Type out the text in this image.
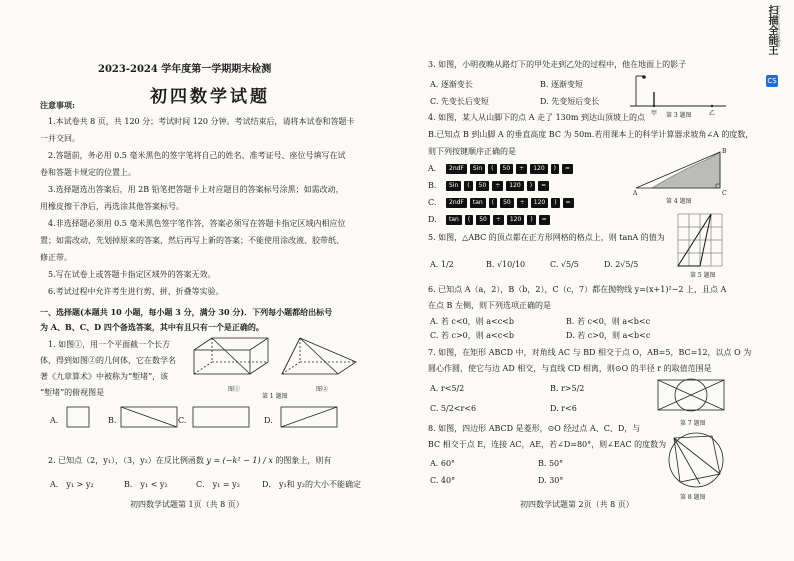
2023-2024 学年度第一学期期末检测
初四数学试题
注意事项:
1.本试卷共 8 页，共 120 分；考试时间 120 分钟。考试结束后，请将本试卷和答题卡
一并交回。
2.答题前，务必用 0.5 毫米黑色的签字笔将自己的姓名、准考证号、座位号填写在试
卷和答题卡规定的位置上。
3.选择题选出答案后，用 2B 铅笔把答题卡上对应题目的答案标号涂黑；如需改动，
用橡皮擦干净后，再选涂其他答案标号。
4.非选择题必须用 0.5 毫米黑色签字笔作答，答案必须写在答题卡指定区域内相应位
置；如需改动，先划掉原来的答案，然后再写上新的答案；不能使用涂改液、胶带纸、
修正带。
5.写在试卷上或答题卡指定区域外的答案无效。
6.考试过程中允许考生进行剪、拼、折叠等实验。
一、选择题(本题共 10 小题，每小题 3 分，满分 30 分)．下列每小题都给出标号
为 A、B、C、D 四个备选答案，其中有且只有一个是正确的。
1. 如图①，用一个平面截一个长方
体，得到如图②的几何体，它在数学名
著《九章算术》中被称为“堑堵”，该
“堑堵”的俯视图是	图①	图②
第 1 题图
A.	B.	C.	D.
2. 已知点（2，y₁），（3，y₂）在反比例函数 y = (−k² − 1) / x 的图象上，则有
A． y₁ > y₂	B． y₁ < y₂	C． y₁ = y₂	D． y₁和 y₂的大小不能确定
初四数学试题第 1页（共 8 页）
3. 如图，小明夜晚从路灯下的甲处走到乙处的过程中，他在地面上的影子
A. 逐渐变长	B. 逐渐变短
C. 先变长后变短	D. 先变短后变长
甲	乙
第 3 题图
4. 如图，某人从山脚下的点 A 走了 130m 到达山顶坡上的点
B.已知点 B 到山脚 A 的垂直高度 BC 为 50m.若用课本上的科学计算器求坡角∠A 的度数，
则下列按键顺序正确的是
A.	2ndF	Sin	(	50	÷	120	)	=
B.	Sin	(	50	÷	120	)	=
C.	2ndF	tan	(	50	÷	120	)	=
D.	tan	(	50	÷	120	)	=
A
B
C
第 4 题图
5. 如图，△ABC 的顶点都在正方形网格的格点上，则 tanA 的值为
A. 1/2	B. √10/10	C. √5/5	D. 2√5/5
第 5 题图
6. 已知点 A（a，2），B（b，2），C（c，7）都在抛物线 y=(x+1)²−2 上，且点 A
在点 B 左侧，则下列选项正确的是
A. 若 c<0，则 a<c<b	B. 若 c<0，则 a<b<c
C. 若 c>0，则 a<c<b	D. 若 c>0，则 a<b<c
7. 如图，在矩形 ABCD 中，对角线 AC 与 BD 相交于点 O，AB=5，BC=12，以点 O 为
圆心作圆，使它与边 AD 相交，与直线 CD 相离，则⊙O 的半径 r 的取值范围是
A. r<5/2	B. r>5/2
C. 5/2<r<6	D. r<6
第 7 题图
8. 如图，四边形 ABCD 是菱形，⊙O 经过点 A、C、D，与
BC 相交于点 E，连接 AC，AE，若∠D=80°，则∠EAC 的度数为
A. 60°	B. 50°
C. 40°	D. 30°
第 8 题图
初四数学试题第 2页（共 8 页）
扫描全能王 3亿人都在用的扫描App
CS
